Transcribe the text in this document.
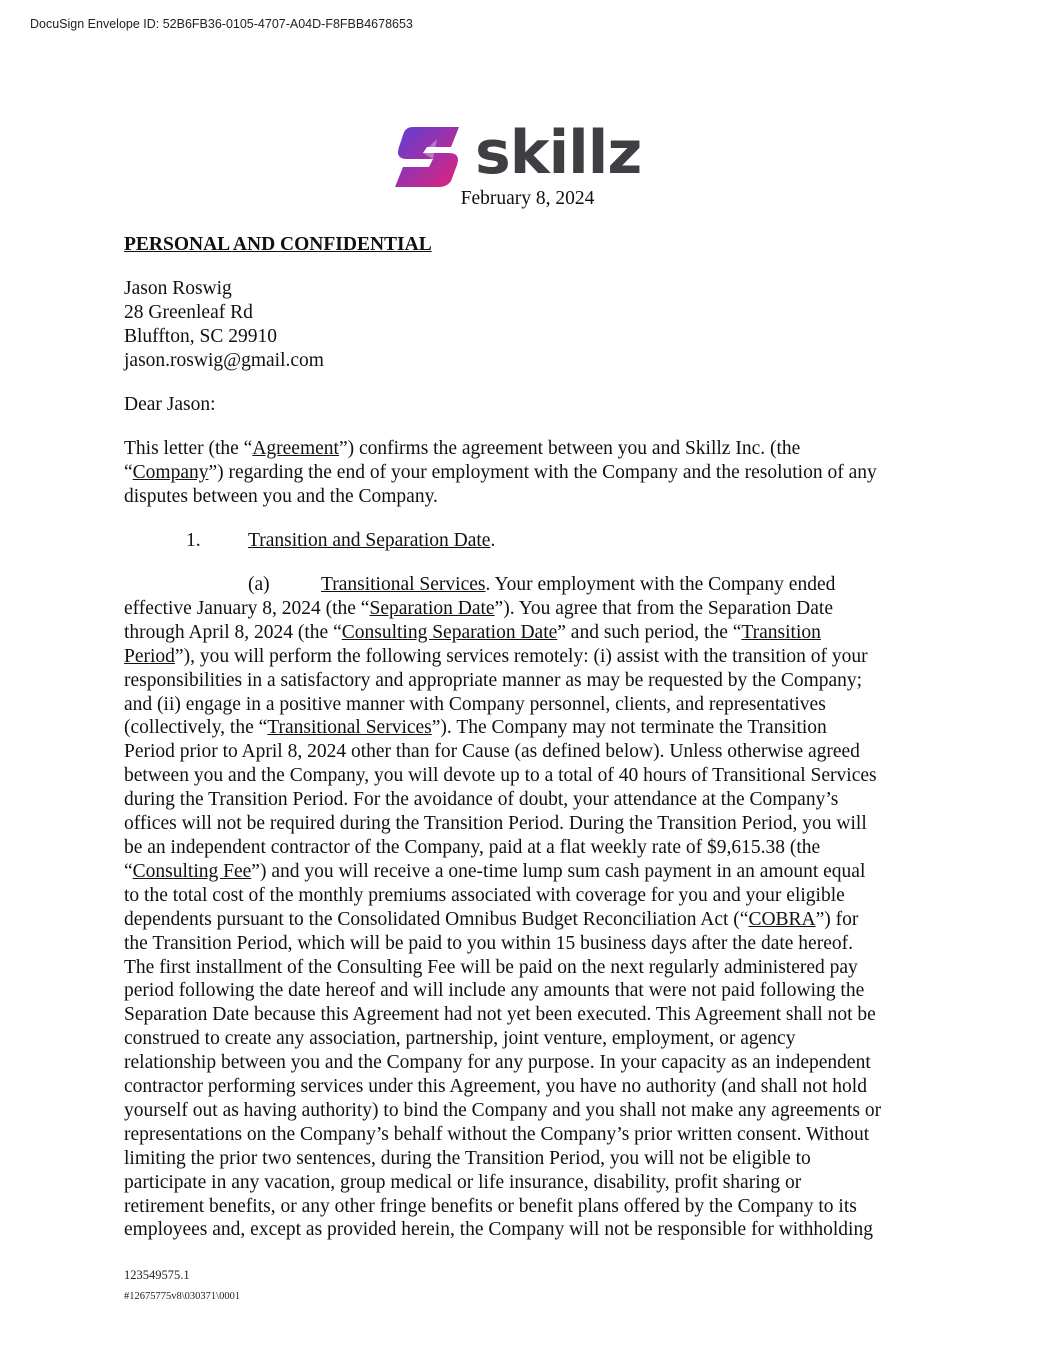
DocuSign Envelope ID: 52B6FB36-0105-4707-A04D-F8FBB4678653
skillz
February 8, 2024
PERSONAL AND CONFIDENTIAL
Jason Roswig
28 Greenleaf Rd
Bluffton, SC 29910
jason.roswig@gmail.com
Dear Jason:
This letter (the “Agreement”) confirms the agreement between you and Skillz Inc. (the
“Company”) regarding the end of your employment with the Company and the resolution of any
disputes between you and the Company.
1. Transition and Separation Date.
(a)	Transitional Services. Your employment with the Company ended
effective January 8, 2024 (the “Separation Date”). You agree that from the Separation Date
through April 8, 2024 (the “Consulting Separation Date” and such period, the “Transition
Period”), you will perform the following services remotely: (i) assist with the transition of your
responsibilities in a satisfactory and appropriate manner as may be requested by the Company;
and (ii) engage in a positive manner with Company personnel, clients, and representatives
(collectively, the “Transitional Services”). The Company may not terminate the Transition
Period prior to April 8, 2024 other than for Cause (as defined below). Unless otherwise agreed
between you and the Company, you will devote up to a total of 40 hours of Transitional Services
during the Transition Period. For the avoidance of doubt, your attendance at the Company’s
offices will not be required during the Transition Period. During the Transition Period, you will
be an independent contractor of the Company, paid at a flat weekly rate of $9,615.38 (the
“Consulting Fee”) and you will receive a one-time lump sum cash payment in an amount equal
to the total cost of the monthly premiums associated with coverage for you and your eligible
dependents pursuant to the Consolidated Omnibus Budget Reconciliation Act (“COBRA”) for
the Transition Period, which will be paid to you within 15 business days after the date hereof.
The first installment of the Consulting Fee will be paid on the next regularly administered pay
period following the date hereof and will include any amounts that were not paid following the
Separation Date because this Agreement had not yet been executed. This Agreement shall not be
construed to create any association, partnership, joint venture, employment, or agency
relationship between you and the Company for any purpose. In your capacity as an independent
contractor performing services under this Agreement, you have no authority (and shall not hold
yourself out as having authority) to bind the Company and you shall not make any agreements or
representations on the Company’s behalf without the Company’s prior written consent. Without
limiting the prior two sentences, during the Transition Period, you will not be eligible to
participate in any vacation, group medical or life insurance, disability, profit sharing or
retirement benefits, or any other fringe benefits or benefit plans offered by the Company to its
employees and, except as provided herein, the Company will not be responsible for withholding
123549575.1
#12675775v8\030371\0001
